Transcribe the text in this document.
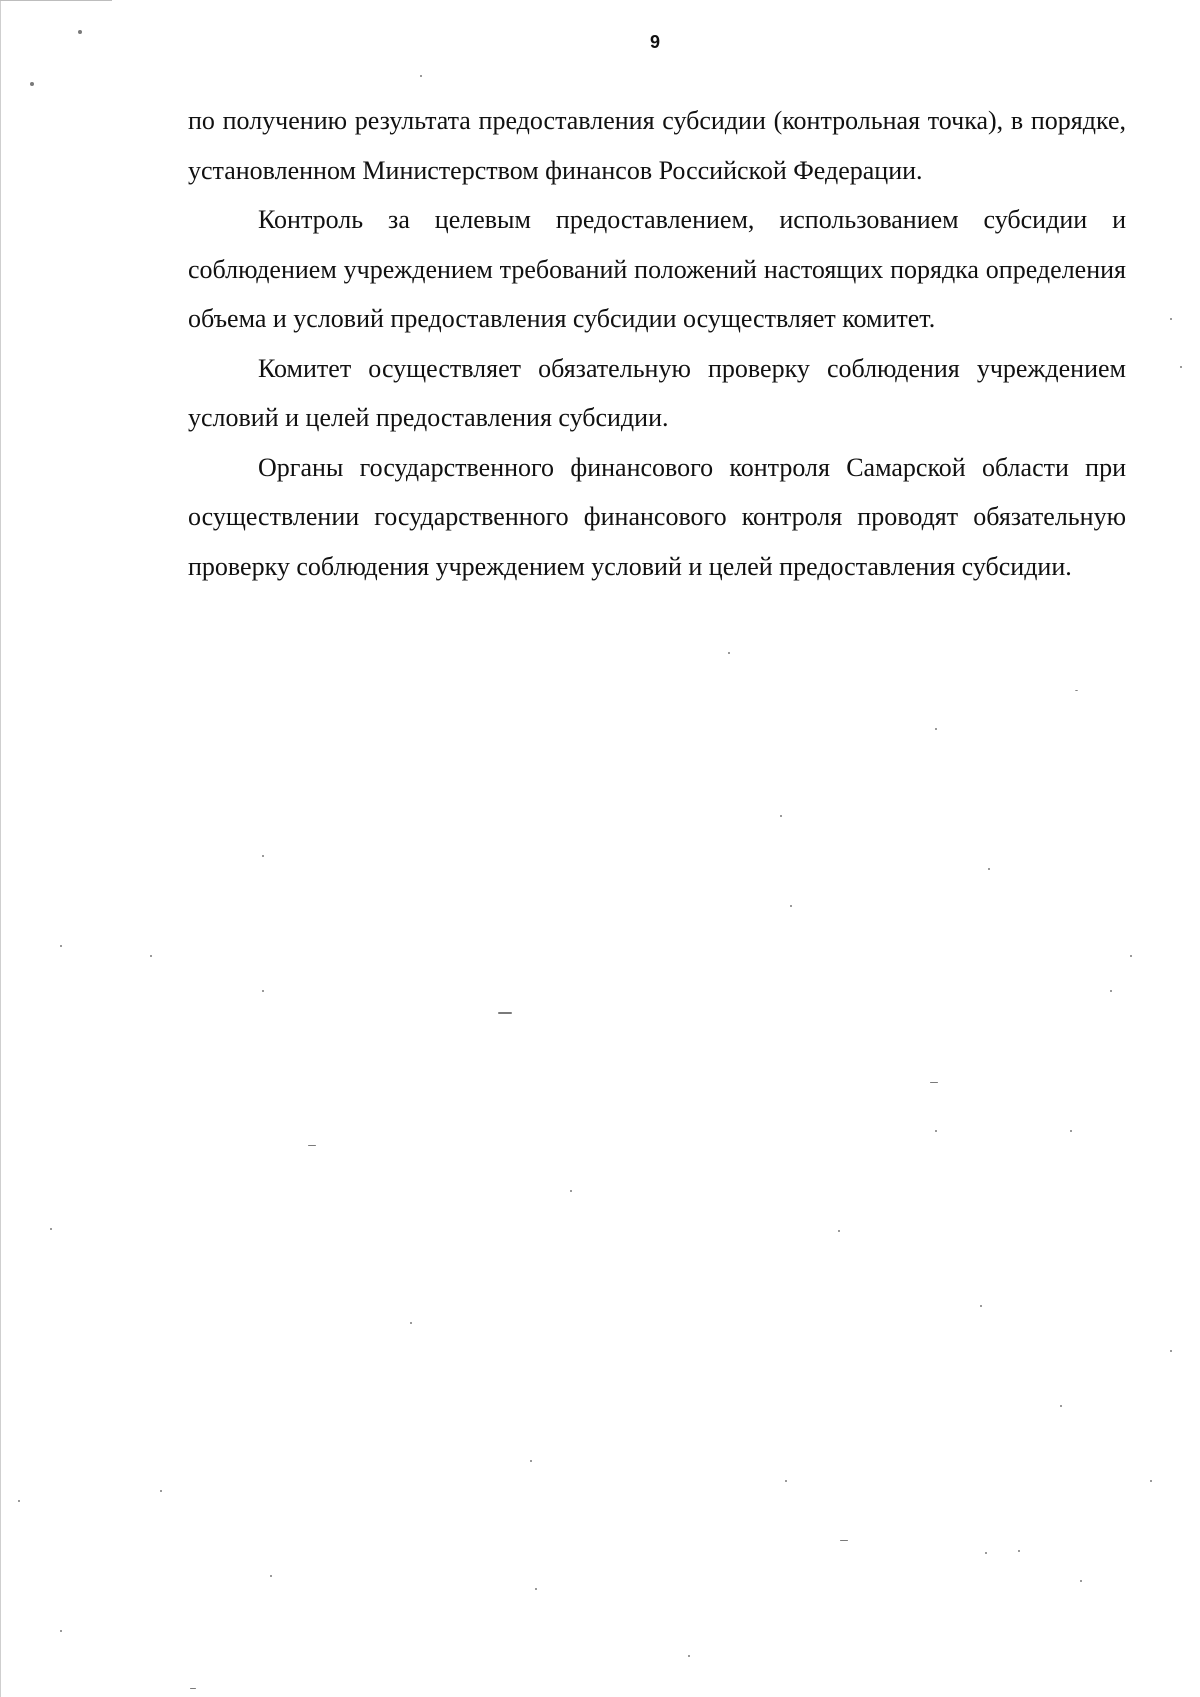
9

по получению результата предоставления субсидии (контрольная точка), в порядке, установленном Министерством финансов Российской Федерации.

Контроль за целевым предоставлением, использованием субсидии и соблюдением учреждением требований положений настоящих порядка определения объема и условий предоставления субсидии осуществляет комитет.

Комитет осуществляет обязательную проверку соблюдения учреждением условий и целей предоставления субсидии.

Органы государственного финансового контроля Самарской области при осуществлении государственного финансового контроля проводят обязательную проверку соблюдения учреждением условий и целей предоставления субсидии.
